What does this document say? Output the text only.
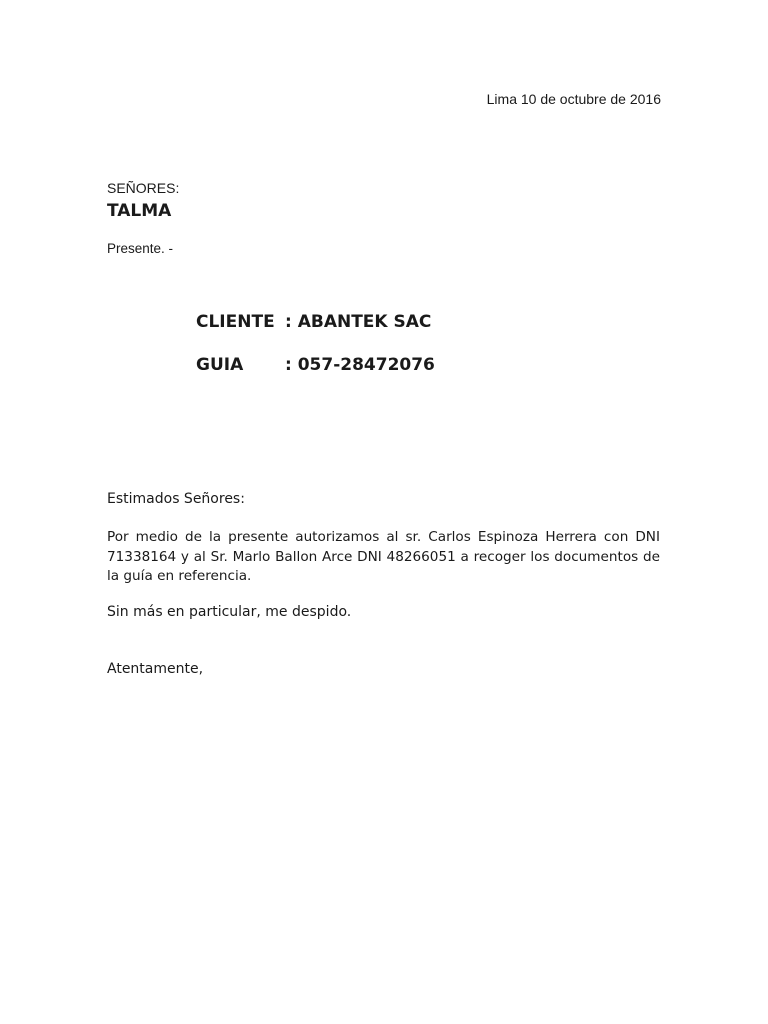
Lima 10 de octubre de 2016
SEÑORES:
TALMA
Presente. -
CLIENTE : ABANTEK SAC
GUIA	: 057-28472076
Estimados Señores:
Por medio de la presente autorizamos al sr. Carlos Espinoza Herrera con DNI 71338164 y al Sr. Marlo Ballon Arce DNI 48266051 a recoger los documentos de la guía en referencia.
Sin más en particular, me despido.
Atentamente,
